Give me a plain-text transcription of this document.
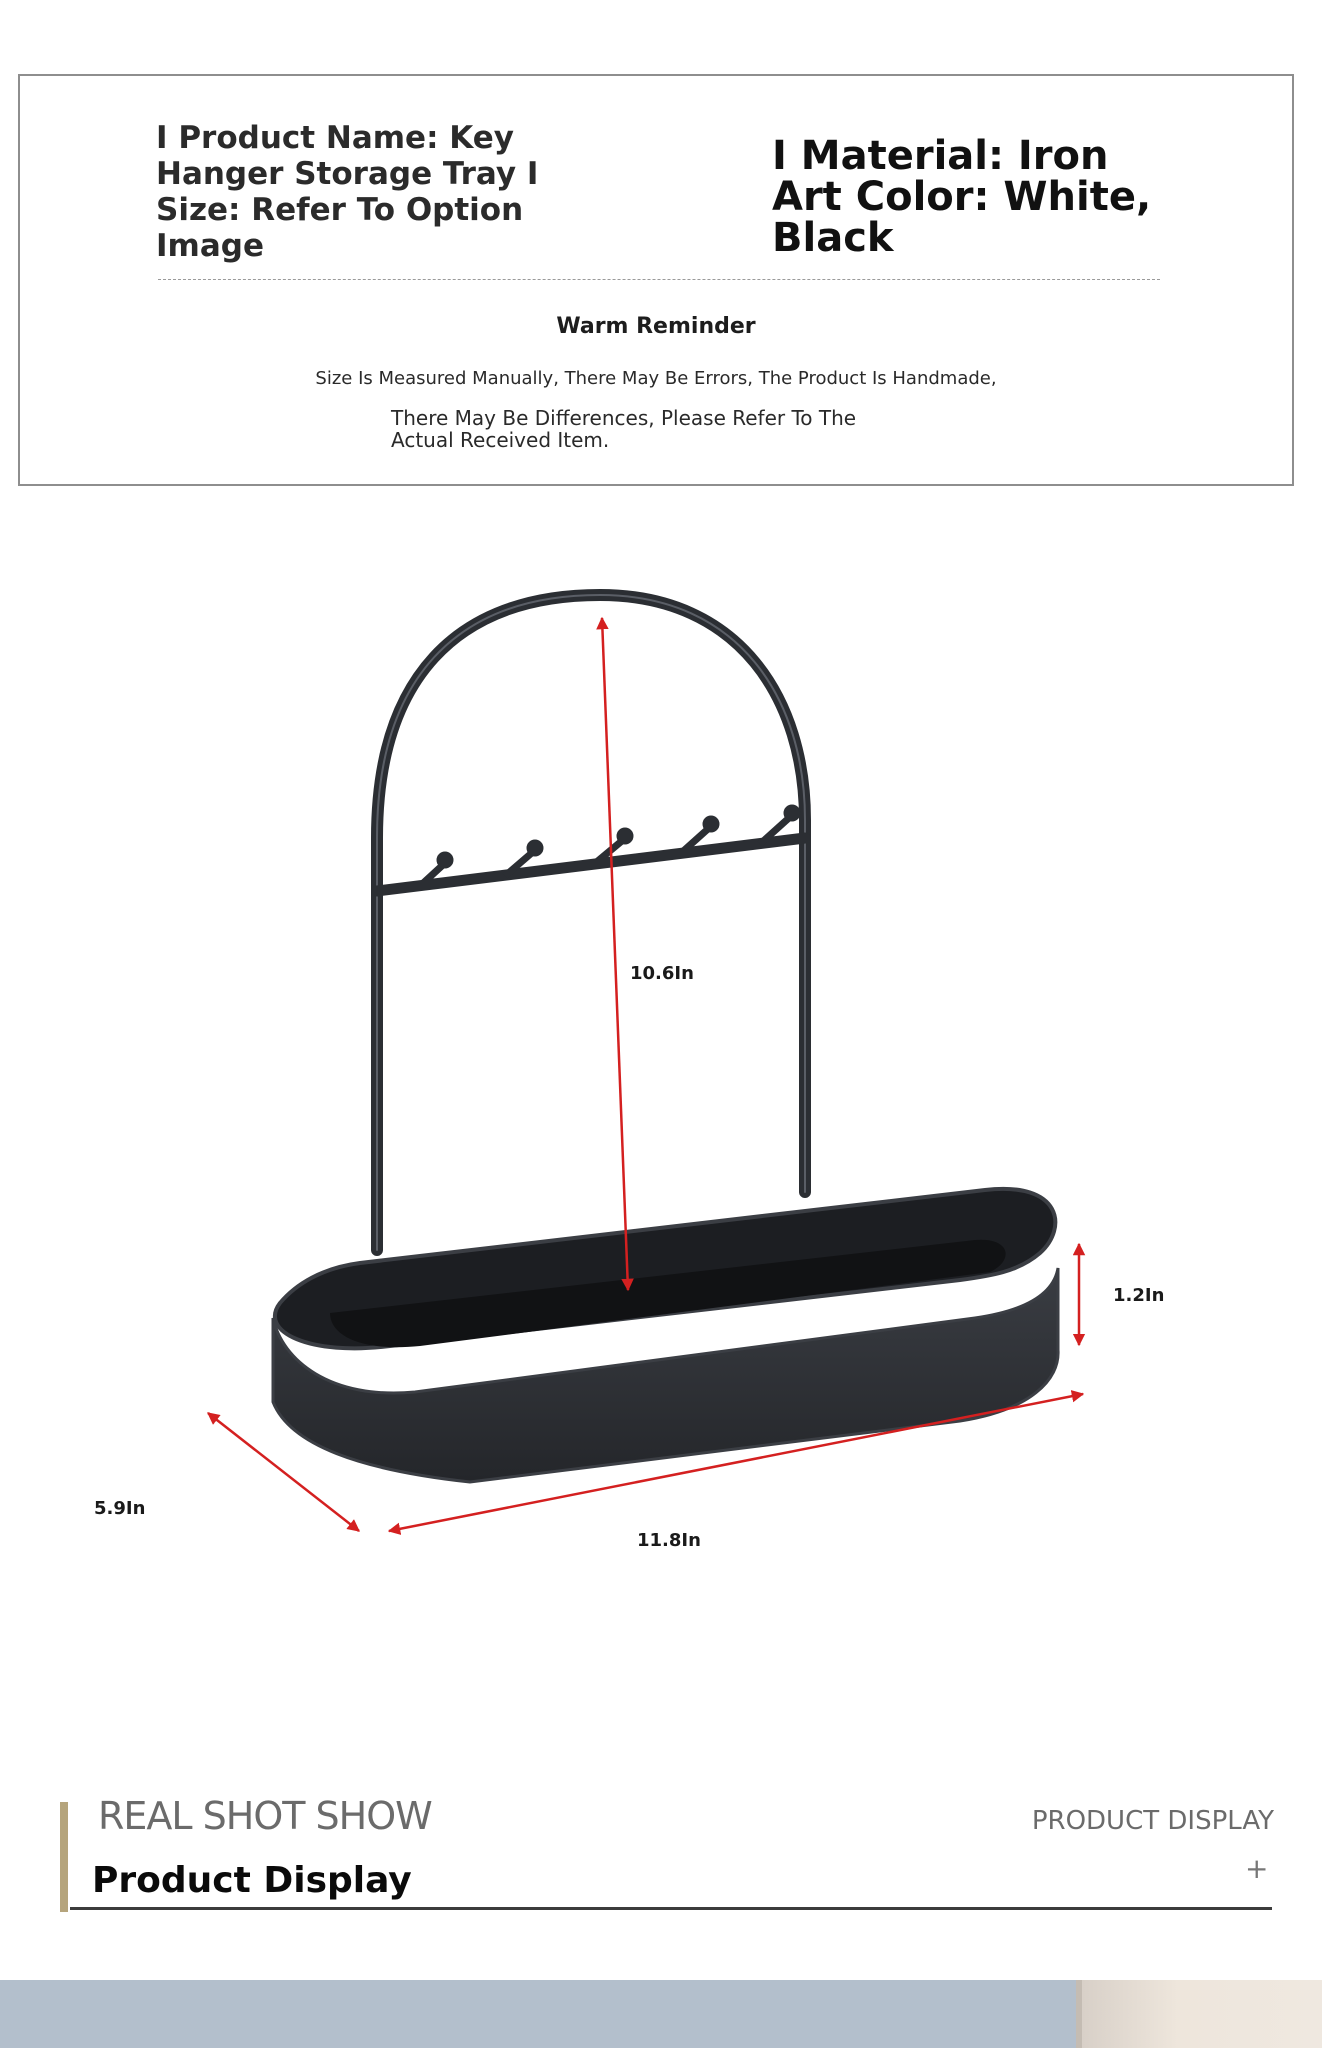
I Product Name: Key Hanger Storage Tray I Size: Refer To Option Image

I Material: Iron Art Color: White, Black

Warm Reminder

Size Is Measured Manually, There May Be Errors, The Product Is Handmade,

There May Be Differences, Please Refer To The Actual Received Item.

10.6In
1.2In
5.9In
11.8In

REAL SHOT SHOW	PRODUCT DISPLAY

Product Display	+
